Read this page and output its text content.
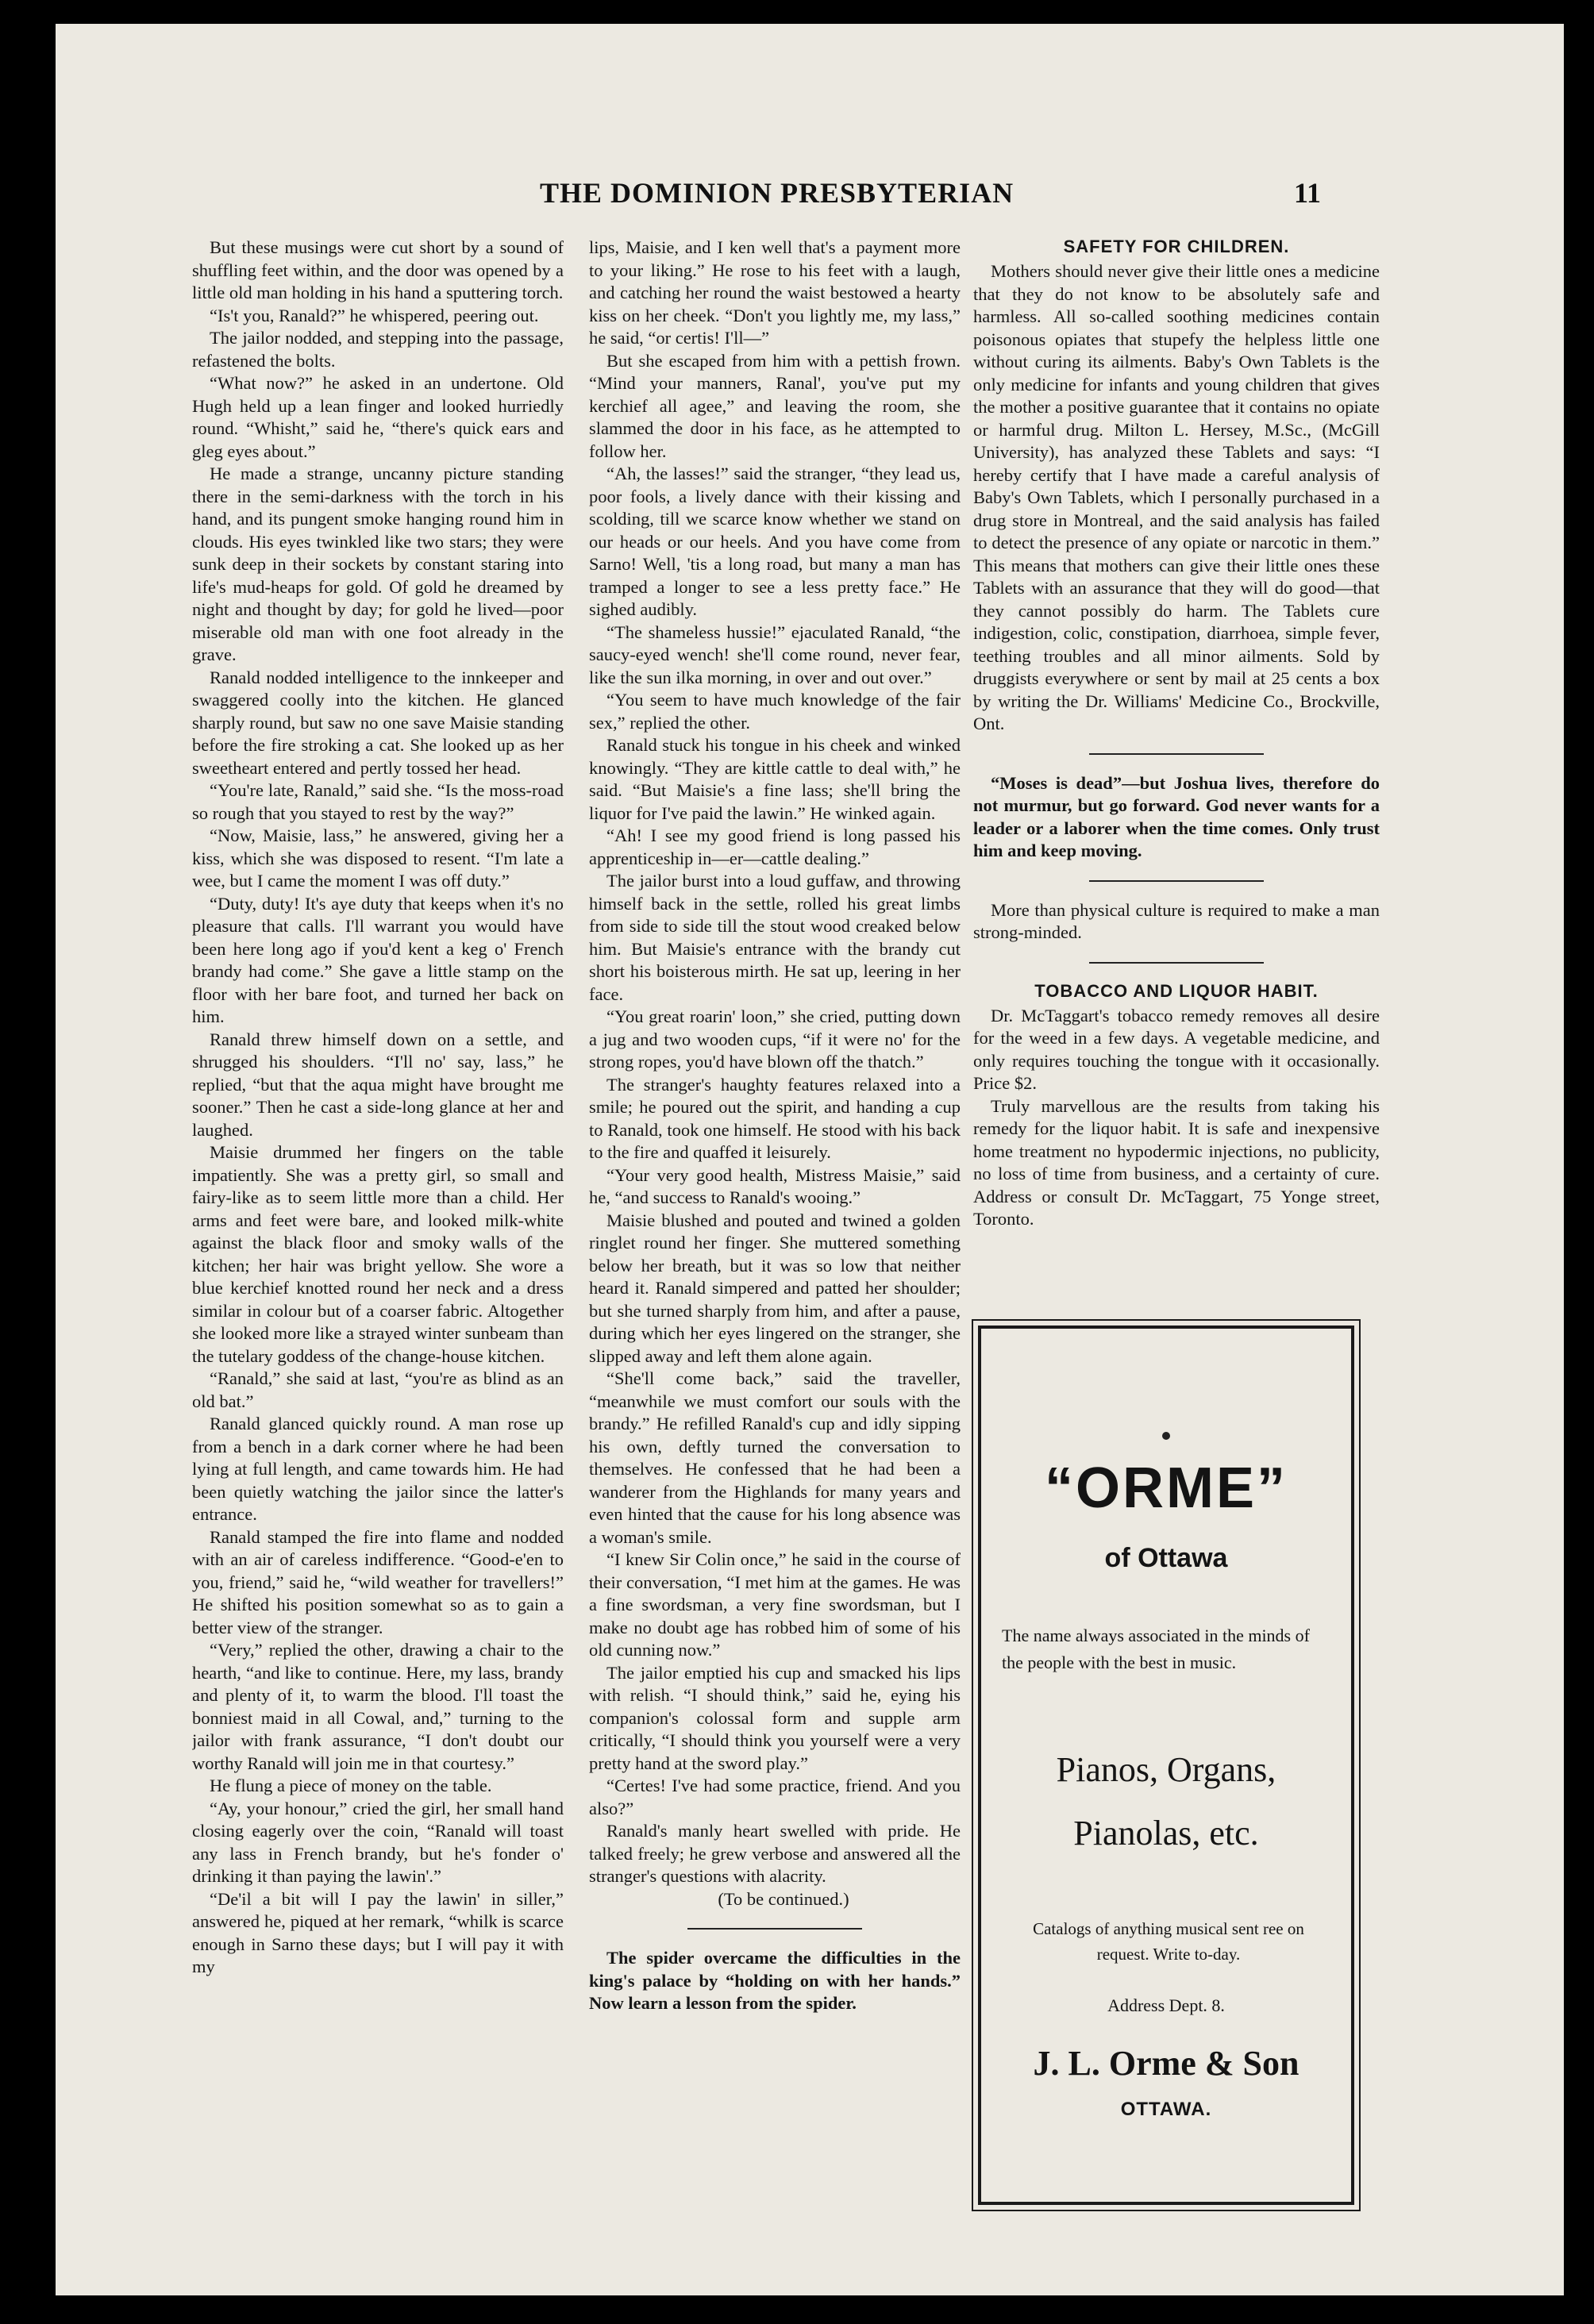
THE DOMINION PRESBYTERIAN	11

But these musings were cut short by a sound of shuffling feet within, and the door was opened by a little old man holding in his hand a sputtering torch.

“Is't you, Ranald?” he whispered, peering out.

The jailor nodded, and stepping into the passage, refastened the bolts.

“What now?” he asked in an undertone. Old Hugh held up a lean finger and looked hurriedly round. “Whisht,” said he, “there's quick ears and gleg eyes about.”

He made a strange, uncanny picture standing there in the semi-darkness with the torch in his hand, and its pungent smoke hanging round him in clouds. His eyes twinkled like two stars; they were sunk deep in their sockets by constant staring into life's mud-heaps for gold. Of gold he dreamed by night and thought by day; for gold he lived—poor miserable old man with one foot already in the grave.

Ranald nodded intelligence to the innkeeper and swaggered coolly into the kitchen. He glanced sharply round, but saw no one save Maisie standing before the fire stroking a cat. She looked up as her sweetheart entered and pertly tossed her head.

“You're late, Ranald,” said she. “Is the moss-road so rough that you stayed to rest by the way?”

“Now, Maisie, lass,” he answered, giving her a kiss, which she was disposed to resent. “I'm late a wee, but I came the moment I was off duty.”

“Duty, duty! It's aye duty that keeps when it's no pleasure that calls. I'll warrant you would have been here long ago if you'd kent a keg o' French brandy had come.” She gave a little stamp on the floor with her bare foot, and turned her back on him.

Ranald threw himself down on a settle, and shrugged his shoulders. “I'll no' say, lass,” he replied, “but that the aqua might have brought me sooner.” Then he cast a side-long glance at her and laughed.

Maisie drummed her fingers on the table impatiently. She was a pretty girl, so small and fairy-like as to seem little more than a child. Her arms and feet were bare, and looked milk-white against the black floor and smoky walls of the kitchen; her hair was bright yellow. She wore a blue kerchief knotted round her neck and a dress similar in colour but of a coarser fabric. Altogether she looked more like a strayed winter sunbeam than the tutelary goddess of the change-house kitchen.

“Ranald,” she said at last, “you're as blind as an old bat.”

Ranald glanced quickly round. A man rose up from a bench in a dark corner where he had been lying at full length, and came towards him. He had been quietly watching the jailor since the latter's entrance.

Ranald stamped the fire into flame and nodded with an air of careless indifference. “Good-e'en to you, friend,” said he, “wild weather for travellers!” He shifted his position somewhat so as to gain a better view of the stranger.

“Very,” replied the other, drawing a chair to the hearth, “and like to continue. Here, my lass, brandy and plenty of it, to warm the blood. I'll toast the bonniest maid in all Cowal, and,” turning to the jailor with frank assurance, “I don't doubt our worthy Ranald will join me in that courtesy.”

He flung a piece of money on the table.

“Ay, your honour,” cried the girl, her small hand closing eagerly over the coin, “Ranald will toast any lass in French brandy, but he's fonder o' drinking it than paying the lawin'.”

“De'il a bit will I pay the lawin' in siller,” answered he, piqued at her remark, “whilk is scarce enough in Sarno these days; but I will pay it with my

lips, Maisie, and I ken well that's a payment more to your liking.” He rose to his feet with a laugh, and catching her round the waist bestowed a hearty kiss on her cheek. “Don't you lightly me, my lass,” he said, “or certis! I'll—”

But she escaped from him with a pettish frown. “Mind your manners, Ranal', you've put my kerchief all agee,” and leaving the room, she slammed the door in his face, as he attempted to follow her.

“Ah, the lasses!” said the stranger, “they lead us, poor fools, a lively dance with their kissing and scolding, till we scarce know whether we stand on our heads or our heels. And you have come from Sarno! Well, 'tis a long road, but many a man has tramped a longer to see a less pretty face.” He sighed audibly.

“The shameless hussie!” ejaculated Ranald, “the saucy-eyed wench! she'll come round, never fear, like the sun ilka morning, in over and out over.”

“You seem to have much knowledge of the fair sex,” replied the other.

Ranald stuck his tongue in his cheek and winked knowingly. “They are kittle cattle to deal with,” he said. “But Maisie's a fine lass; she'll bring the liquor for I've paid the lawin.” He winked again.

“Ah! I see my good friend is long passed his apprenticeship in—er—cattle dealing.”

The jailor burst into a loud guffaw, and throwing himself back in the settle, rolled his great limbs from side to side till the stout wood creaked below him. But Maisie's entrance with the brandy cut short his boisterous mirth. He sat up, leering in her face.

“You great roarin' loon,” she cried, putting down a jug and two wooden cups, “if it were no' for the strong ropes, you'd have blown off the thatch.”

The stranger's haughty features relaxed into a smile; he poured out the spirit, and handing a cup to Ranald, took one himself. He stood with his back to the fire and quaffed it leisurely.

“Your very good health, Mistress Maisie,” said he, “and success to Ranald's wooing.”

Maisie blushed and pouted and twined a golden ringlet round her finger. She muttered something below her breath, but it was so low that neither heard it. Ranald simpered and patted her shoulder; but she turned sharply from him, and after a pause, during which her eyes lingered on the stranger, she slipped away and left them alone again.

“She'll come back,” said the traveller, “meanwhile we must comfort our souls with the brandy.” He refilled Ranald's cup and idly sipping his own, deftly turned the conversation to themselves. He confessed that he had been a wanderer from the Highlands for many years and even hinted that the cause for his long absence was a woman's smile.

“I knew Sir Colin once,” he said in the course of their conversation, “I met him at the games. He was a fine swordsman, a very fine swordsman, but I make no doubt age has robbed him of some of his old cunning now.”

The jailor emptied his cup and smacked his lips with relish. “I should think,” said he, eying his companion's colossal form and supple arm critically, “I should think you yourself were a very pretty hand at the sword play.”

“Certes! I've had some practice, friend. And you also?”

Ranald's manly heart swelled with pride. He talked freely; he grew verbose and answered all the stranger's questions with alacrity.

(To be continued.)

The spider overcame the difficulties in the king's palace by “holding on with her hands.” Now learn a lesson from the spider.

SAFETY FOR CHILDREN.

Mothers should never give their little ones a medicine that they do not know to be absolutely safe and harmless. All so-called soothing medicines contain poisonous opiates that stupefy the helpless little one without curing its ailments. Baby's Own Tablets is the only medicine for infants and young children that gives the mother a positive guarantee that it contains no opiate or harmful drug. Milton L. Hersey, M.Sc., (McGill University), has analyzed these Tablets and says: “I hereby certify that I have made a careful analysis of Baby's Own Tablets, which I personally purchased in a drug store in Montreal, and the said analysis has failed to detect the presence of any opiate or narcotic in them.” This means that mothers can give their little ones these Tablets with an assurance that they will do good—that they cannot possibly do harm. The Tablets cure indigestion, colic, constipation, diarrhoea, simple fever, teething troubles and all minor ailments. Sold by druggists everywhere or sent by mail at 25 cents a box by writing the Dr. Williams' Medicine Co., Brockville, Ont.

“Moses is dead”—but Joshua lives, therefore do not murmur, but go forward. God never wants for a leader or a laborer when the time comes. Only trust him and keep moving.

More than physical culture is required to make a man strong-minded.

TOBACCO AND LIQUOR HABIT.

Dr. McTaggart's tobacco remedy removes all desire for the weed in a few days. A vegetable medicine, and only requires touching the tongue with it occasionally. Price $2.

Truly marvellous are the results from taking his remedy for the liquor habit. It is safe and inexpensive home treatment no hypodermic injections, no publicity, no loss of time from business, and a certainty of cure. Address or consult Dr. McTaggart, 75 Yonge street, Toronto.

“ORME”
of Ottawa
The name always associated in the minds of the people with the best in music.
Pianos, Organs,
Pianolas, etc.
Catalogs of anything musical sent ree on request. Write to-day.
Address Dept. 8.
J. L. Orme & Son
OTTAWA.
